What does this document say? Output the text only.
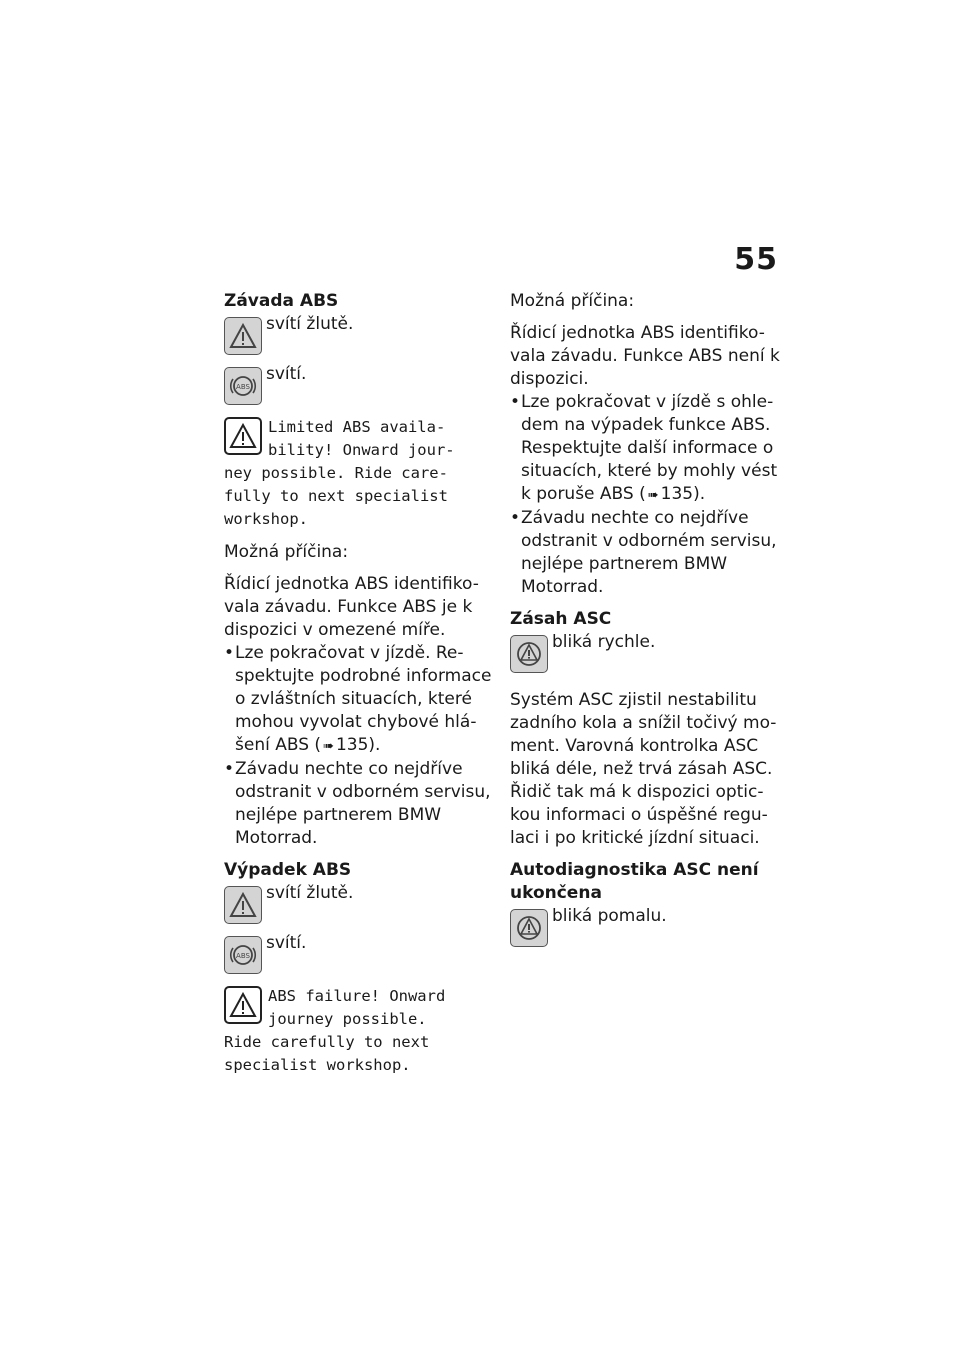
55

Závada ABS

svítí žlutě.
ABS
svítí.
Limited ABS availa-
bility! Onward jour-
ney possible. Ride care-
fully to next specialist
workshop.

Možná příčina:

Řídicí jednotka ABS identifiko-vala závadu. Funkce ABS je k dispozici v omezené míře.

• Lze pokračovat v jízdě. Re-spektujte podrobné informace o zvláštních situacích, které mohou vyvolat chybové hlá-šení ABS ( ➠ 135).
• Závadu nechte co nejdříve odstranit v odborném servisu, nejlépe partnerem BMW Motorrad.

Výpadek ABS

svítí žlutě.
ABS
svítí.
ABS failure! Onward
journey possible.
Ride carefully to next
specialist workshop.

Možná příčina:

Řídicí jednotka ABS identifiko-vala závadu. Funkce ABS není k dispozici.

• Lze pokračovat v jízdě s ohle-dem na výpadek funkce ABS. Respektujte další informace o situacích, které by mohly vést k poruše ABS ( ➠ 135).
• Závadu nechte co nejdříve odstranit v odborném servisu, nejlépe partnerem BMW Motorrad.

Zásah ASC

bliká rychle.

Systém ASC zjistil nestabilitu zadního kola a snížil točivý mo-ment. Varovná kontrolka ASC bliká déle, než trvá zásah ASC. Řidič tak má k dispozici optic-kou informaci o úspěšné regu-laci i po kritické jízdní situaci.

Autodiagnostika ASC není ukončena

bliká pomalu.
